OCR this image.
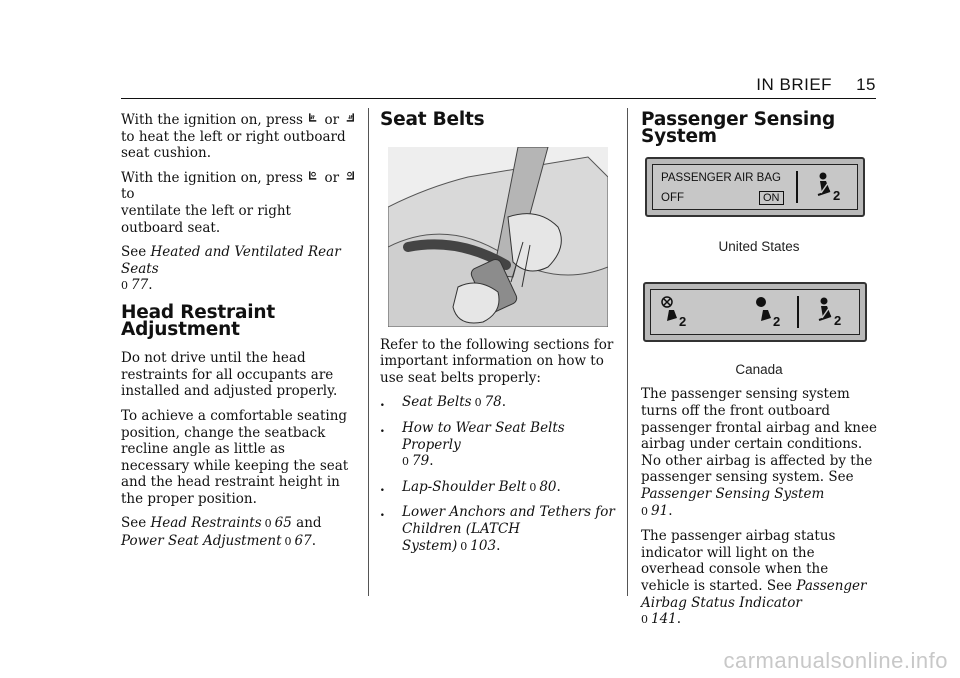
IN BRIEF 15

With the ignition on, press or  to heat the left or right outboard seat cushion.

With the ignition on, press or  to
ventilate the left or right
outboard seat.

See Heated and Ventilated Rear Seats
0 77.

Head Restraint Adjustment

Do not drive until the head restraints for all occupants are installed and adjusted properly.

To achieve a comfortable seating position, change the seatback recline angle as little as necessary while keeping the seat and the head restraint height in the proper position.

See Head Restraints 0 65 and Power Seat Adjustment 0 67.

Seat Belts

Refer to the following sections for important information on how to use seat belts properly:

.	Seat Belts 0 78.
.	How to Wear Seat Belts Properly
0 79.
.	Lap-Shoulder Belt 0 80.
.	Lower Anchors and Tethers for Children (LATCH System) 0 103.
Passenger Sensing System
PASSENGER AIR BAG
OFF	ON	2
United States
2	2	2
Canada

The passenger sensing system turns off the front outboard passenger frontal airbag and knee airbag under certain conditions. No other airbag is affected by the passenger sensing system. See Passenger Sensing System
0 91.

The passenger airbag status indicator will light on the overhead console when the vehicle is started. See Passenger Airbag Status Indicator
0 141.

carmanualsonline.info
